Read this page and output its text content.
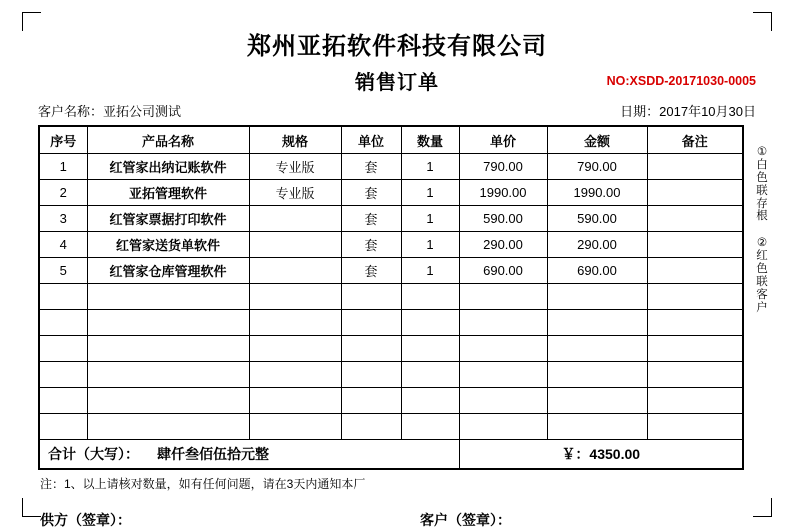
郑州亚拓软件科技有限公司
销售订单	NO:XSDD-20171030-0005
客户名称：亚拓公司测试	日期：2017年10月30日
序号	产品名称	规格	单位	数量	单价	金额	备注
1	红管家出纳记账软件	专业版	套	1	790.00	790.00	
2	亚拓管理软件	专业版	套	1	1990.00	1990.00	
3	红管家票据打印软件		套	1	590.00	590.00	
4	红管家送货单软件		套	1	290.00	290.00	
5	红管家仓库管理软件		套	1	690.00	690.00	

合计（大写）： 肆仟叁佰伍拾元整					￥：4350.00		
注：1、以上请核对数量，如有任何问题，请在3天内通知本厂
供方（签章）：	客户（签章）：
①
白
色
联
存
根
②
红
色
联
客
户
